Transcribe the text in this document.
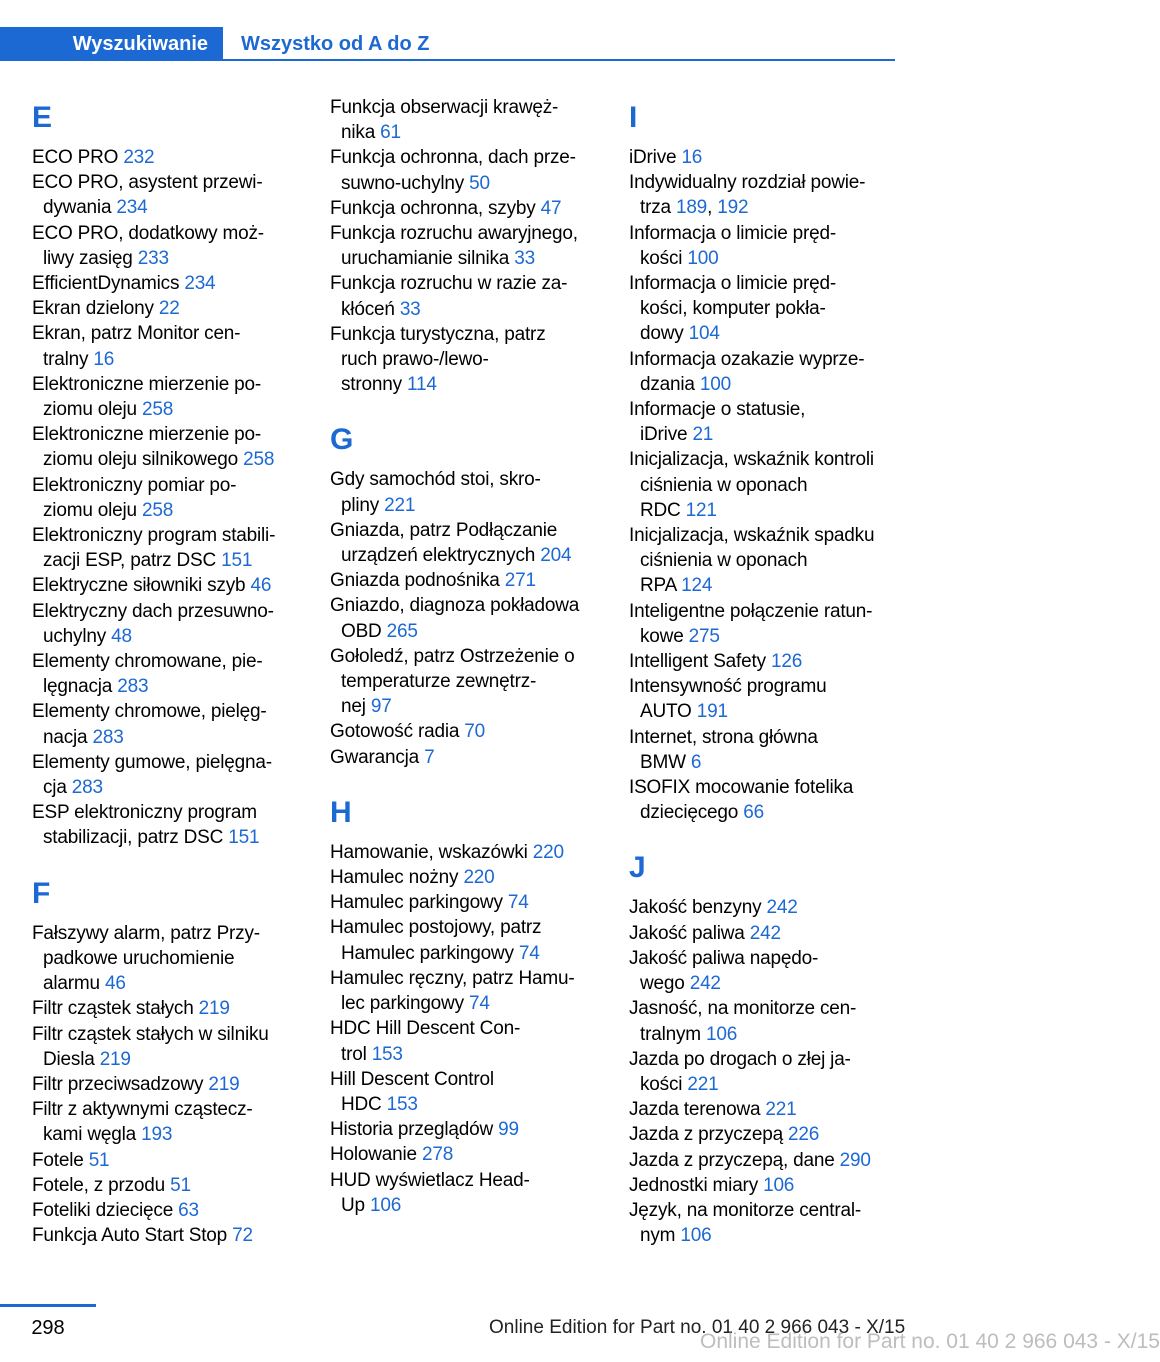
Wyszukiwanie Wszystko od A do Z
E
ECO PRO 232
ECO PRO, asystent przewi-
dywania 234
ECO PRO, dodatkowy moż-
liwy zasięg 233
EfficientDynamics 234
Ekran dzielony 22
Ekran, patrz Monitor cen-
tralny 16
Elektroniczne mierzenie po-
ziomu oleju 258
Elektroniczne mierzenie po-
ziomu oleju silnikowego 258
Elektroniczny pomiar po-
ziomu oleju 258
Elektroniczny program stabili-
zacji ESP, patrz DSC 151
Elektryczne siłowniki szyb 46
Elektryczny dach przesuwno-
uchylny 48
Elementy chromowane, pie-
lęgnacja 283
Elementy chromowe, pielęg-
nacja 283
Elementy gumowe, pielęgna-
cja 283
ESP elektroniczny program
stabilizacji, patrz DSC 151
F
Fałszywy alarm, patrz Przy-
padkowe uruchomienie
alarmu 46
Filtr cząstek stałych 219
Filtr cząstek stałych w silniku
Diesla 219
Filtr przeciwsadzowy 219
Filtr z aktywnymi cząstecz-
kami węgla 193
Fotele 51
Fotele, z przodu 51
Foteliki dziecięce 63
Funkcja Auto Start Stop 72
Funkcja obserwacji krawęż-
nika 61
Funkcja ochronna, dach prze-
suwno-uchylny 50
Funkcja ochronna, szyby 47
Funkcja rozruchu awaryjnego,
uruchamianie silnika 33
Funkcja rozruchu w razie za-
kłóceń 33
Funkcja turystyczna, patrz
ruch prawo-/lewo-
stronny 114
G
Gdy samochód stoi, skro-
pliny 221
Gniazda, patrz Podłączanie
urządzeń elektrycznych 204
Gniazda podnośnika 271
Gniazdo, diagnoza pokładowa
OBD 265
Gołoledź, patrz Ostrzeżenie o
temperaturze zewnętrz-
nej 97
Gotowość radia 70
Gwarancja 7
H
Hamowanie, wskazówki 220
Hamulec nożny 220
Hamulec parkingowy 74
Hamulec postojowy, patrz
Hamulec parkingowy 74
Hamulec ręczny, patrz Hamu-
lec parkingowy 74
HDC Hill Descent Con-
trol 153
Hill Descent Control
HDC 153
Historia przeglądów 99
Holowanie 278
HUD wyświetlacz Head-
Up 106
I
iDrive 16
Indywidualny rozdział powie-
trza 189, 192
Informacja o limicie pręd-
kości 100
Informacja o limicie pręd-
kości, komputer pokła-
dowy 104
Informacja ozakazie wyprze-
dzania 100
Informacje o statusie,
iDrive 21
Inicjalizacja, wskaźnik kontroli
ciśnienia w oponach
RDC 121
Inicjalizacja, wskaźnik spadku
ciśnienia w oponach
RPA 124
Inteligentne połączenie ratun-
kowe 275
Intelligent Safety 126
Intensywność programu
AUTO 191
Internet, strona główna
BMW 6
ISOFIX mocowanie fotelika
dziecięcego 66
J
Jakość benzyny 242
Jakość paliwa 242
Jakość paliwa napędo-
wego 242
Jasność, na monitorze cen-
tralnym 106
Jazda po drogach o złej ja-
kości 221
Jazda terenowa 221
Jazda z przyczepą 226
Jazda z przyczepą, dane 290
Jednostki miary 106
Język, na monitorze central-
nym 106
298	Online Edition for Part no. 01 40 2 966 043 - X/15
Online Edition for Part no. 01 40 2 966 043 - X/15
